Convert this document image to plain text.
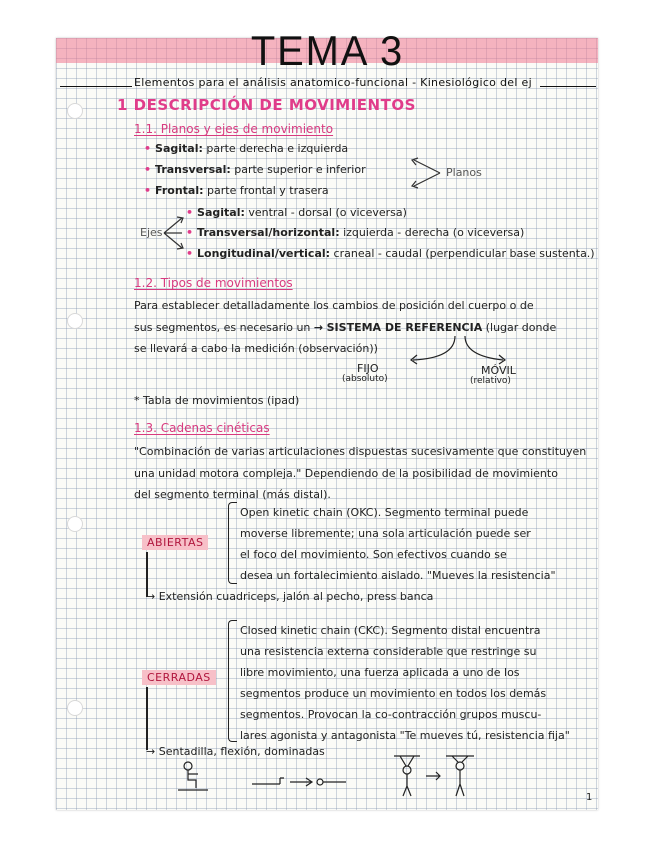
TEMA 3
Elementos para el análisis anatomico-funcional - Kinesiológico del ej
1 DESCRIPCIÓN DE MOVIMIENTOS
1.1. Planos y ejes de movimiento
• Sagital: parte derecha e izquierda
• Transversal: parte superior e inferior
• Frontal: parte frontal y trasera
Planos
• Sagital: ventral - dorsal (o viceversa)
• Transversal/horizontal: izquierda - derecha (o viceversa)
• Longitudinal/vertical: craneal - caudal (perpendicular base sustenta.)
Ejes
1.2. Tipos de movimientos
Para establecer detalladamente los cambios de posición del cuerpo o de
sus segmentos, es necesario un → SISTEMA DE REFERENCIA (lugar donde
se llevará a cabo la medición (observación))
FIJO
(absoluto)
MÓVIL
(relativo)
* Tabla de movimientos (ipad)
1.3. Cadenas cinéticas
"Combinación de varias articulaciones dispuestas sucesivamente que constituyen
una unidad motora compleja." Dependiendo de la posibilidad de movimiento
del segmento terminal (más distal).
ABIERTAS
Open kinetic chain (OKC). Segmento terminal puede
moverse libremente; una sola articulación puede ser
el foco del movimiento. Son efectivos cuando se
desea un fortalecimiento aislado. "Mueves la resistencia"
→ Extensión cuadriceps, jalón al pecho, press banca
CERRADAS
Closed kinetic chain (CKC). Segmento distal encuentra
una resistencia externa considerable que restringe su
libre movimiento, una fuerza aplicada a uno de los
segmentos produce un movimiento en todos los demás
segmentos. Provocan la co-contracción grupos muscu-
lares agonista y antagonista "Te mueves tú, resistencia fija"
→ Sentadilla, flexión, dominadas
1
